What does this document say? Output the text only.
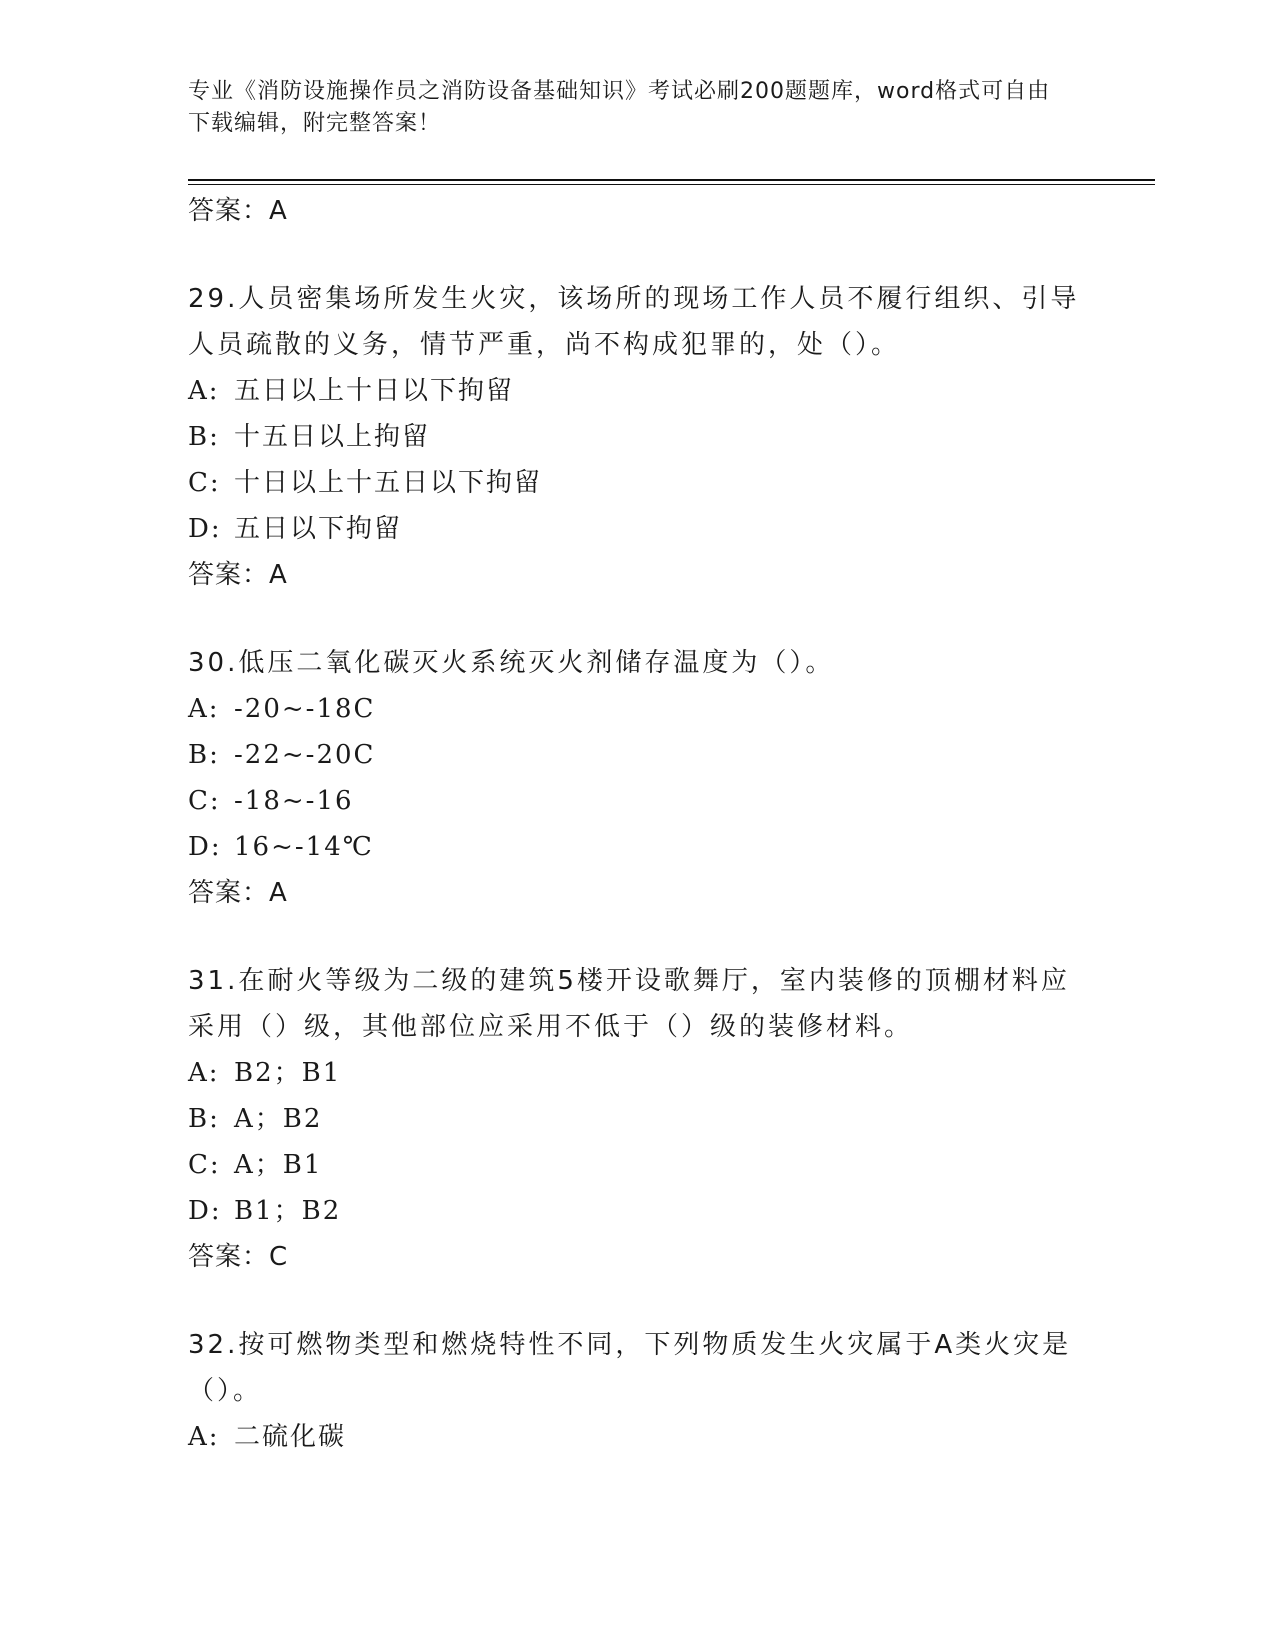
专业《消防设施操作员之消防设备基础知识》考试必刷200题题库，word格式可自由下载编辑，附完整答案！
答案：A
29.人员密集场所发生火灾，该场所的现场工作人员不履行组织、引导人员疏散的义务，情节严重，尚不构成犯罪的，处（）。
A: 五日以上十日以下拘留
B: 十五日以上拘留
C: 十日以上十五日以下拘留
D: 五日以下拘留
答案：A
30.低压二氧化碳灭火系统灭火剂储存温度为（）。
A: -20~-18C
B: -22~-20C
C: -18~-16
D: 16~-14℃
答案：A
31.在耐火等级为二级的建筑5楼开设歌舞厅，室内装修的顶棚材料应采用（）级，其他部位应采用不低于（）级的装修材料。
A: B2；B1
B: A；B2
C: A；B1
D: B1；B2
答案：C
32.按可燃物类型和燃烧特性不同，下列物质发生火灾属于A类火灾是（）。
A: 二硫化碳
